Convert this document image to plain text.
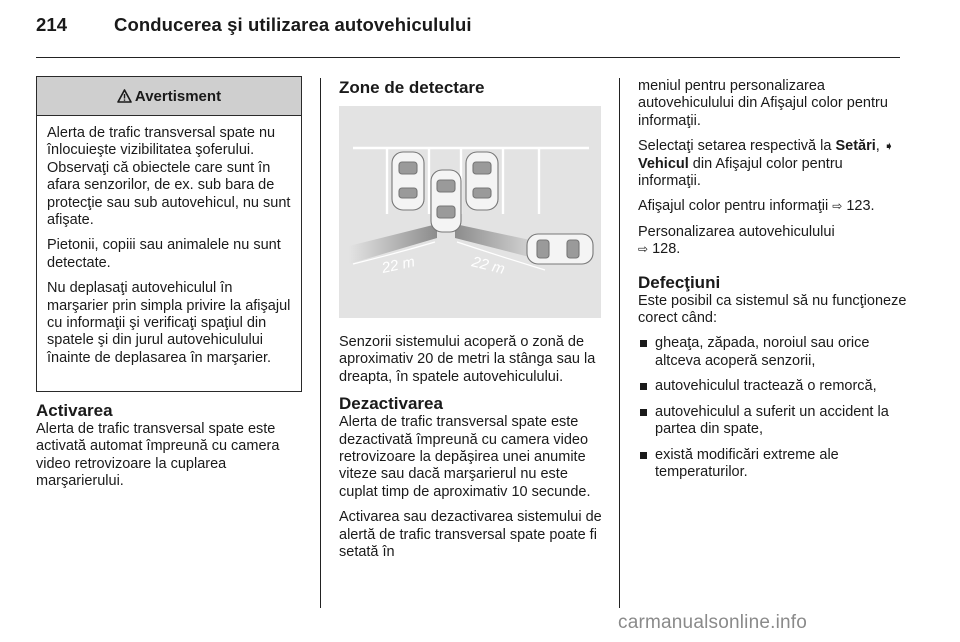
214	Conducerea şi utilizarea autovehiculului
Avertisment

Alerta de trafic transversal spate nu înlocuieşte vizibilitatea şoferului. Observaţi că obiectele care sunt în afara senzorilor, de ex. sub bara de protecţie sau sub autovehicul, nu sunt afişate.

Pietonii, copiii sau animalele nu sunt detectate.

Nu deplasaţi autovehiculul în marşarier prin simpla privire la afişajul cu informaţii şi verificaţi spaţiul din spatele şi din jurul autovehiculului înainte de deplasarea în marşarier.

Activarea

Alerta de trafic transversal spate este activată automat împreună cu camera video retrovizoare la cuplarea marşarierului.

Zone de detectare
22 m	22 m

Senzorii sistemului acoperă o zonă de aproximativ 20 de metri la stânga sau la dreapta, în spatele autovehiculului.

Dezactivarea

Alerta de trafic transversal spate este dezactivată împreună cu camera video retrovizoare la depăşirea unei anumite viteze sau dacă marşarierul nu este cuplat timp de aproximativ 10 secunde.

Activarea sau dezactivarea sistemului de alertă de trafic transversal spate poate fi setată în

meniul pentru personalizarea autovehiculului din Afişajul color pentru informaţii.

Selectaţi setarea respectivă la Setări, ➧ Vehicul din Afişajul color pentru informaţii.

Afişajul color pentru informaţii ⇨ 123.

Personalizarea autovehiculului
⇨ 128.

Defecţiuni

Este posibil ca sistemul să nu funcţioneze corect când:

gheaţa, zăpada, noroiul sau orice altceva acoperă senzorii,
autovehiculul tractează o remorcă,
autovehiculul a suferit un accident la partea din spate,
există modificări extreme ale temperaturilor.
carmanualsonline.info
